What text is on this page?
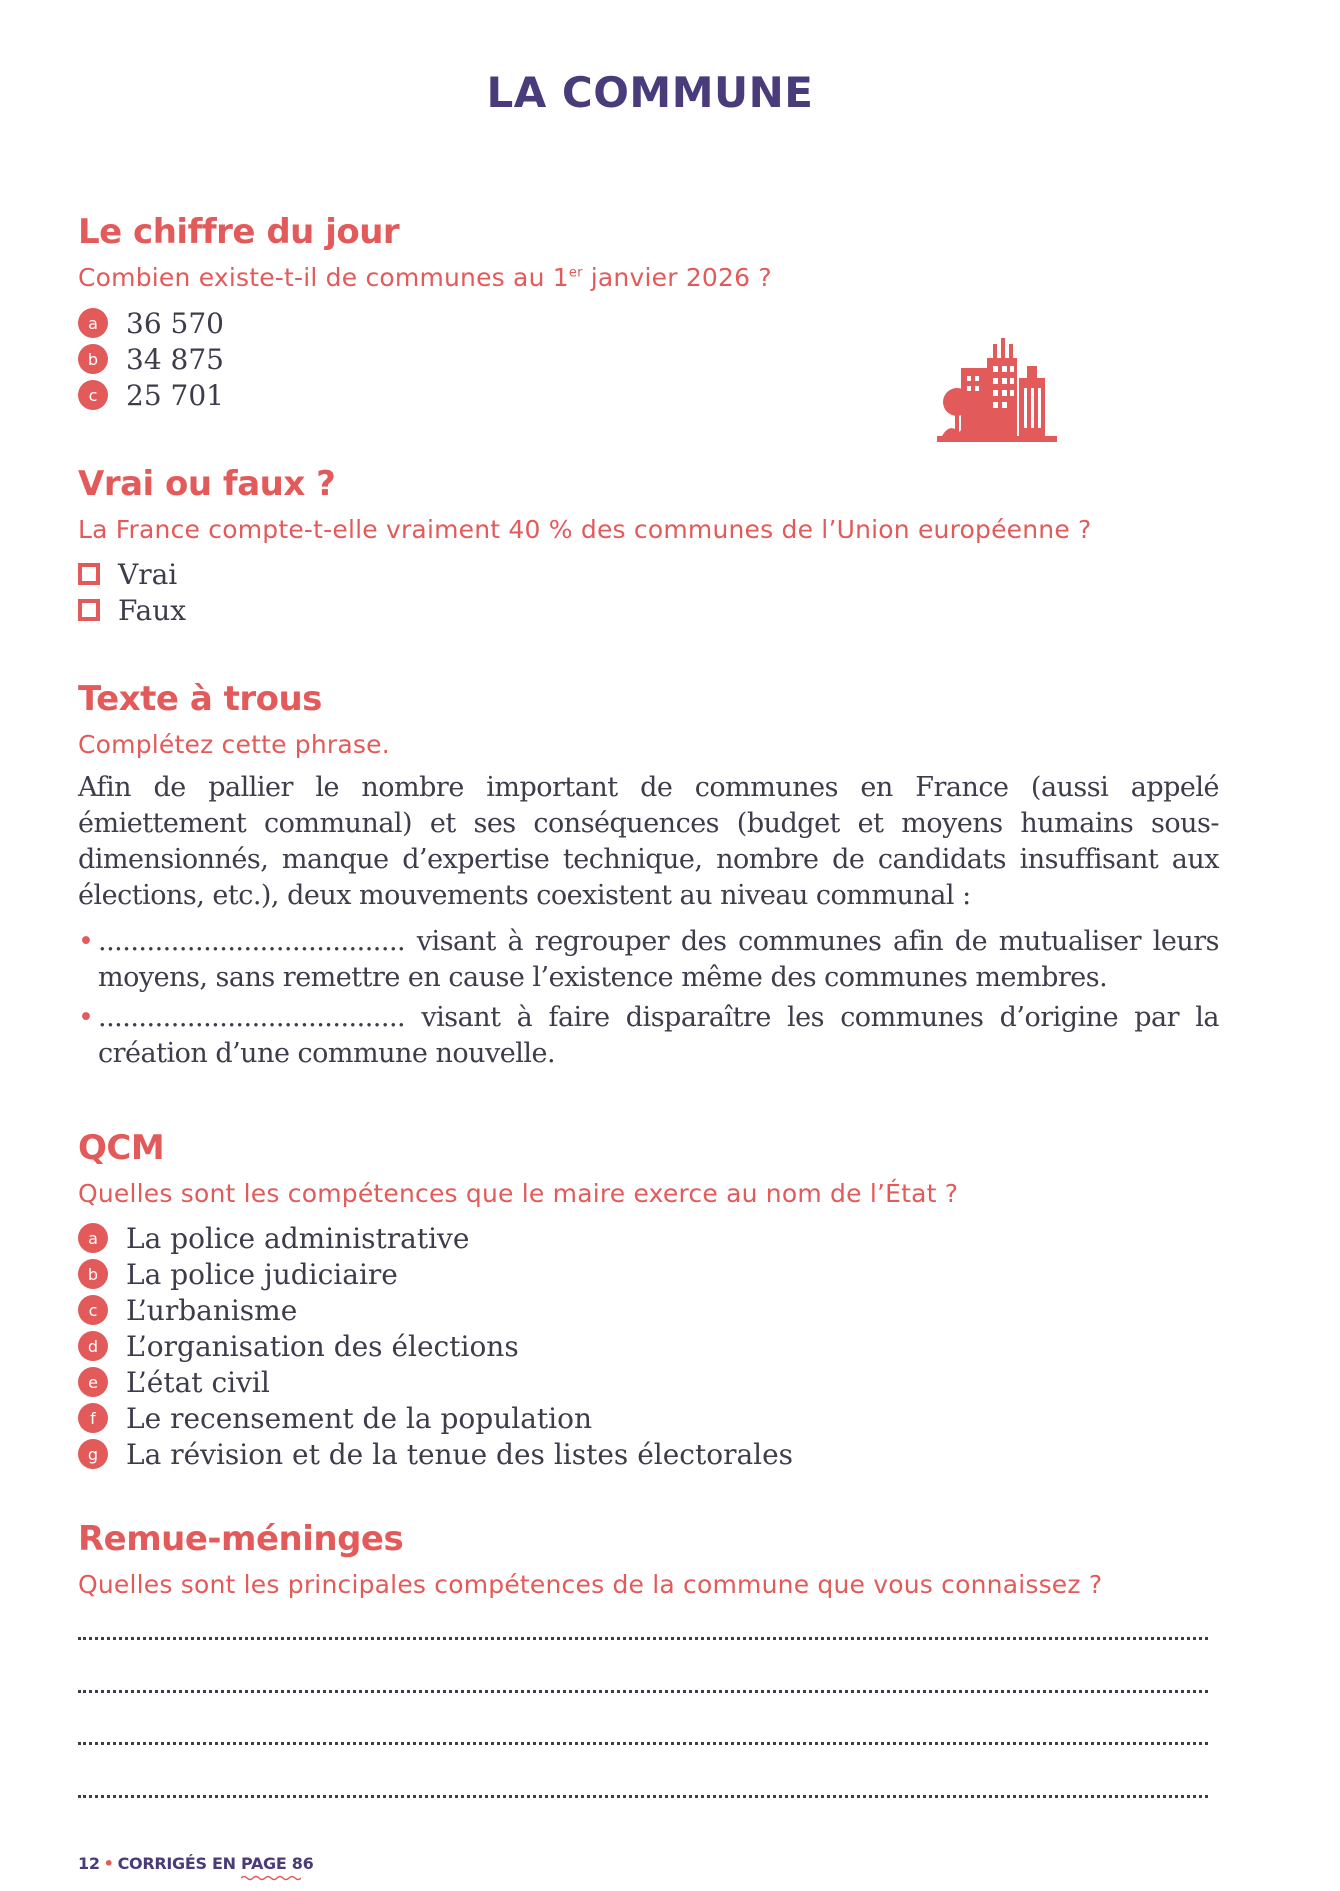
LA COMMUNE
Le chiffre du jour
Combien existe-t-il de communes au 1er janvier 2026 ?
a	36 570
b 34 875
c	25 701
Vrai ou faux ?
La France compte-t-elle vraiment 40 % des communes de l’Union européenne ?
Vrai
Faux
Texte à trous
Complétez cette phrase.
Afin de pallier le nombre important de communes en France (aussi appelé émiettement communal) et ses conséquences (budget et moyens humains sous-dimensionnés, manque d’expertise technique, nombre de candidats insuffisant aux élections, etc.), deux mouvements coexistent au niveau communal :
• ...................................... visant à regrouper des communes afin de mutualiser leurs moyens, sans remettre en cause l’existence même des communes membres.
• ...................................... visant à faire disparaître les communes d’origine par la création d’une commune nouvelle.
QCM
Quelles sont les compétences que le maire exerce au nom de l’État ?
a	La police administrative
b La police judiciaire
c	L’urbanisme
d L’organisation des élections
e	L’état civil
f	Le recensement de la population
g La révision et de la tenue des listes électorales
Remue-méninges
Quelles sont les principales compétences de la commune que vous connaissez ?
12 • CORRIGÉS EN PAGE 86
